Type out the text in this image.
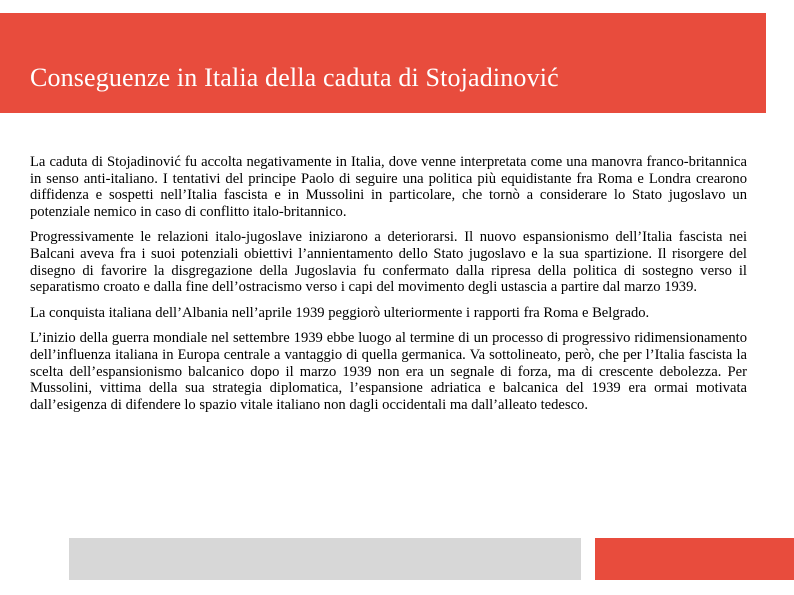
Conseguenze in Italia della caduta di Stojadinović

La caduta di Stojadinović fu accolta negativamente in Italia, dove venne interpretata come una manovra franco-britannica in senso anti-italiano. I tentativi del principe Paolo di seguire una politica più equidistante fra Roma e Londra crearono diffidenza e sospetti nell’Italia fascista e in Mussolini in particolare, che tornò a considerare lo Stato jugoslavo un potenziale nemico in caso di conflitto italo-britannico.

Progressivamente le relazioni italo-jugoslave iniziarono a deteriorarsi. Il nuovo espansionismo dell’Italia fascista nei Balcani aveva fra i suoi potenziali obiettivi l’annientamento dello Stato jugoslavo e la sua spartizione. Il risorgere del disegno di favorire la disgregazione della Jugoslavia fu confermato dalla ripresa della politica di sostegno verso il separatismo croato e dalla fine dell’ostracismo verso i capi del movimento degli ustascia a partire dal marzo 1939.

La conquista italiana dell’Albania nell’aprile 1939 peggiorò ulteriormente i rapporti fra Roma e Belgrado.

L’inizio della guerra mondiale nel settembre 1939 ebbe luogo al termine di un processo di progressivo ridimensionamento dell’influenza italiana in Europa centrale a vantaggio di quella germanica. Va sottolineato, però, che per l’Italia fascista la scelta dell’espansionismo balcanico dopo il marzo 1939 non era un segnale di forza, ma di crescente debolezza. Per Mussolini, vittima della sua strategia diplomatica, l’espansione adriatica e balcanica del 1939 era ormai motivata dall’esigenza di difendere lo spazio vitale italiano non dagli occidentali ma dall’alleato tedesco.
